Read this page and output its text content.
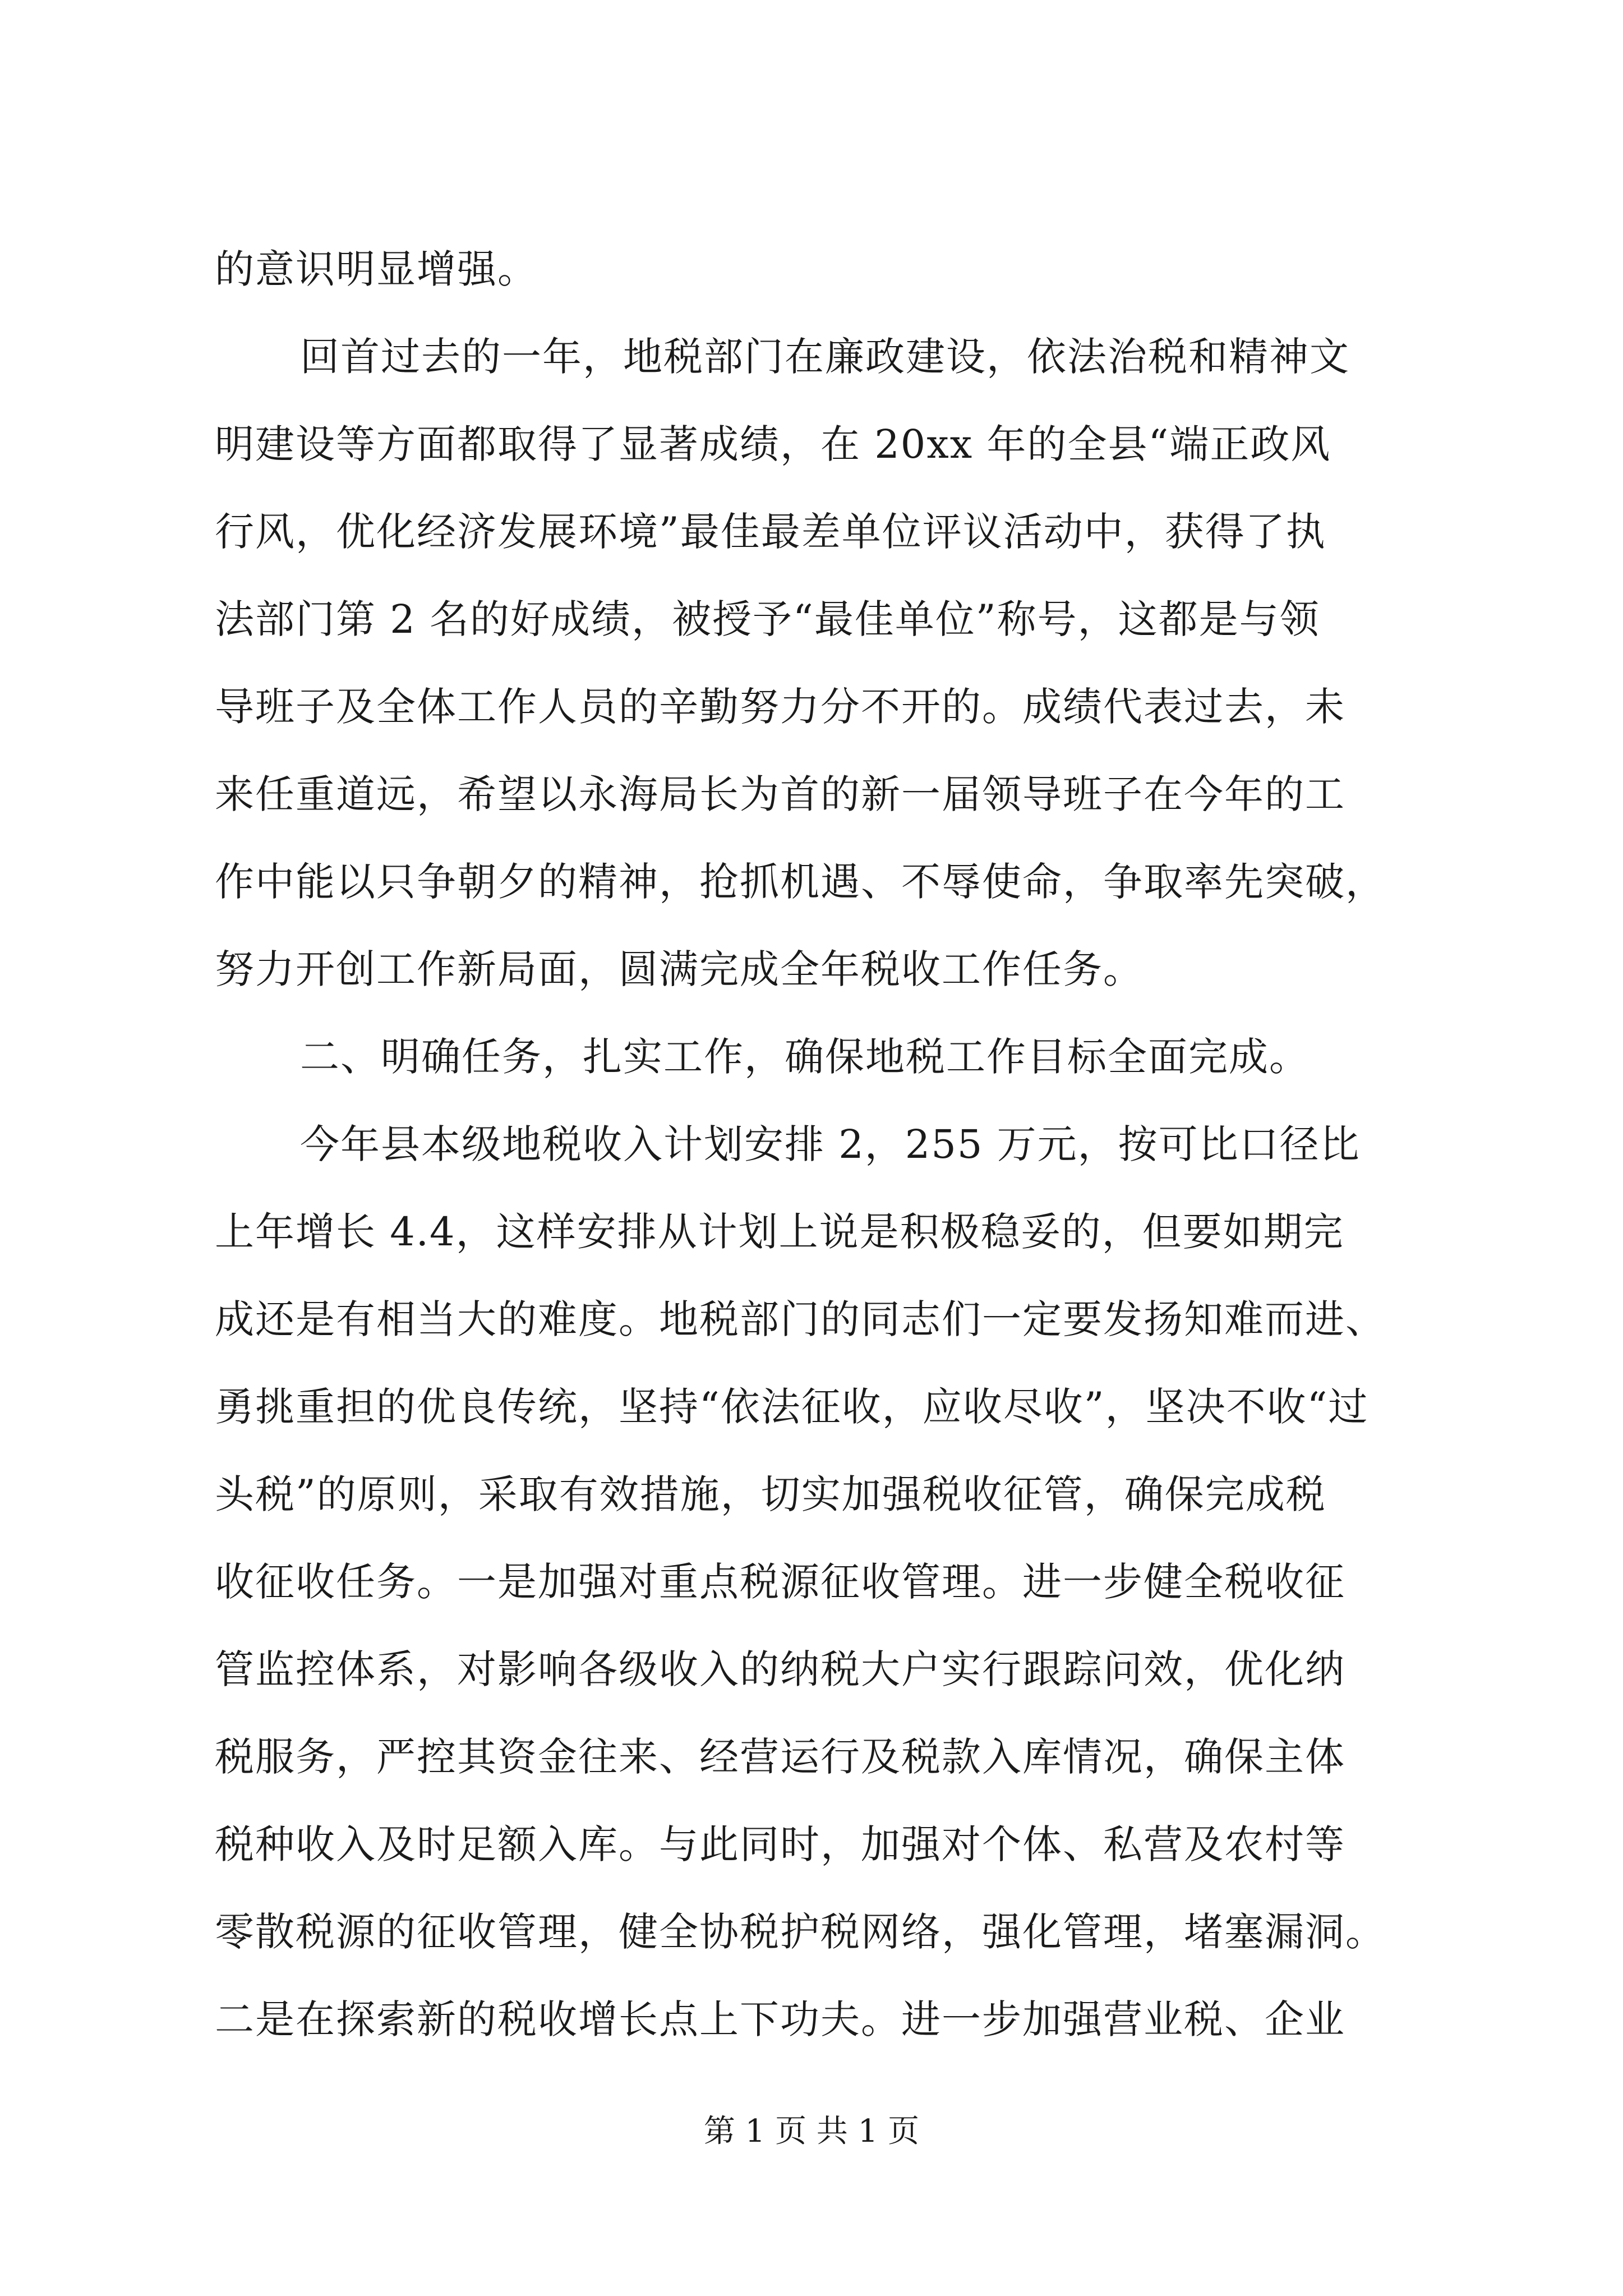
的意识明显增强。
回首过去的一年，地税部门在廉政建设，依法治税和精神文
明建设等方面都取得了显著成绩，在 20xx 年的全县“端正政风
行风，优化经济发展环境”最佳最差单位评议活动中，获得了执
法部门第 2 名的好成绩，被授予“最佳单位”称号，这都是与领
导班子及全体工作人员的辛勤努力分不开的。成绩代表过去，未
来任重道远，希望以永海局长为首的新一届领导班子在今年的工
作中能以只争朝夕的精神，抢抓机遇、不辱使命，争取率先突破，
努力开创工作新局面，圆满完成全年税收工作任务。
二、明确任务，扎实工作，确保地税工作目标全面完成。
今年县本级地税收入计划安排 2，255 万元，按可比口径比
上年增长 4.4，这样安排从计划上说是积极稳妥的，但要如期完
成还是有相当大的难度。地税部门的同志们一定要发扬知难而进、
勇挑重担的优良传统，坚持“依法征收，应收尽收”，坚决不收“过
头税”的原则，采取有效措施，切实加强税收征管，确保完成税
收征收任务。一是加强对重点税源征收管理。进一步健全税收征
管监控体系，对影响各级收入的纳税大户实行跟踪问效，优化纳
税服务，严控其资金往来、经营运行及税款入库情况，确保主体
税种收入及时足额入库。与此同时，加强对个体、私营及农村等
零散税源的征收管理，健全协税护税网络，强化管理，堵塞漏洞。
二是在探索新的税收增长点上下功夫。进一步加强营业税、企业
第 1 页 共 1 页
